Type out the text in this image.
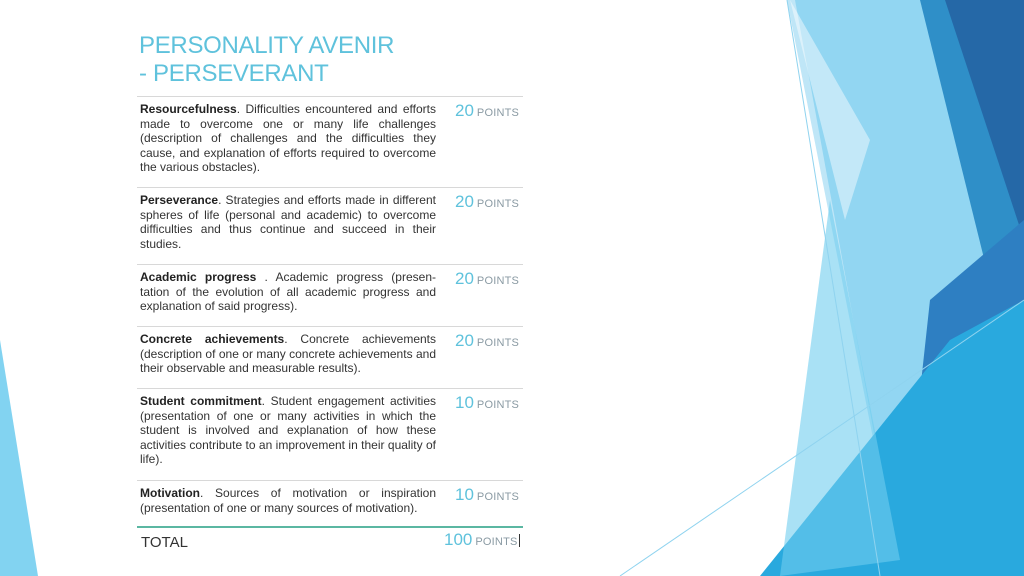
PERSONALITY AVENIR
- PERSEVERANT
Resourcefulness. Difficulties encountered and efforts made to overcome one or many life challenges (description of challenges and the difficulties they cause, and explanation of efforts required to overcome the various obstacles).
20 POINTS
Perseverance. Strategies and efforts made in different spheres of life (personal and academic) to overcome difficulties and thus continue and succeed in their studies.
20 POINTS
Academic progress . Academic progress (presen-tation of the evolution of all academic progress and explanation of said progress).
20 POINTS
Concrete achievements. Concrete achievements (description of one or many concrete achievements and their observable and measurable results).
20 POINTS
Student commitment. Student engagement activities (presentation of one or many activities in which the student is involved and explanation of how these activities contribute to an improvement in their quality of life).
10 POINTS
Motivation. Sources of motivation or inspiration (presentation of one or many sources of motivation).
10 POINTS
TOTAL	100 POINTS
